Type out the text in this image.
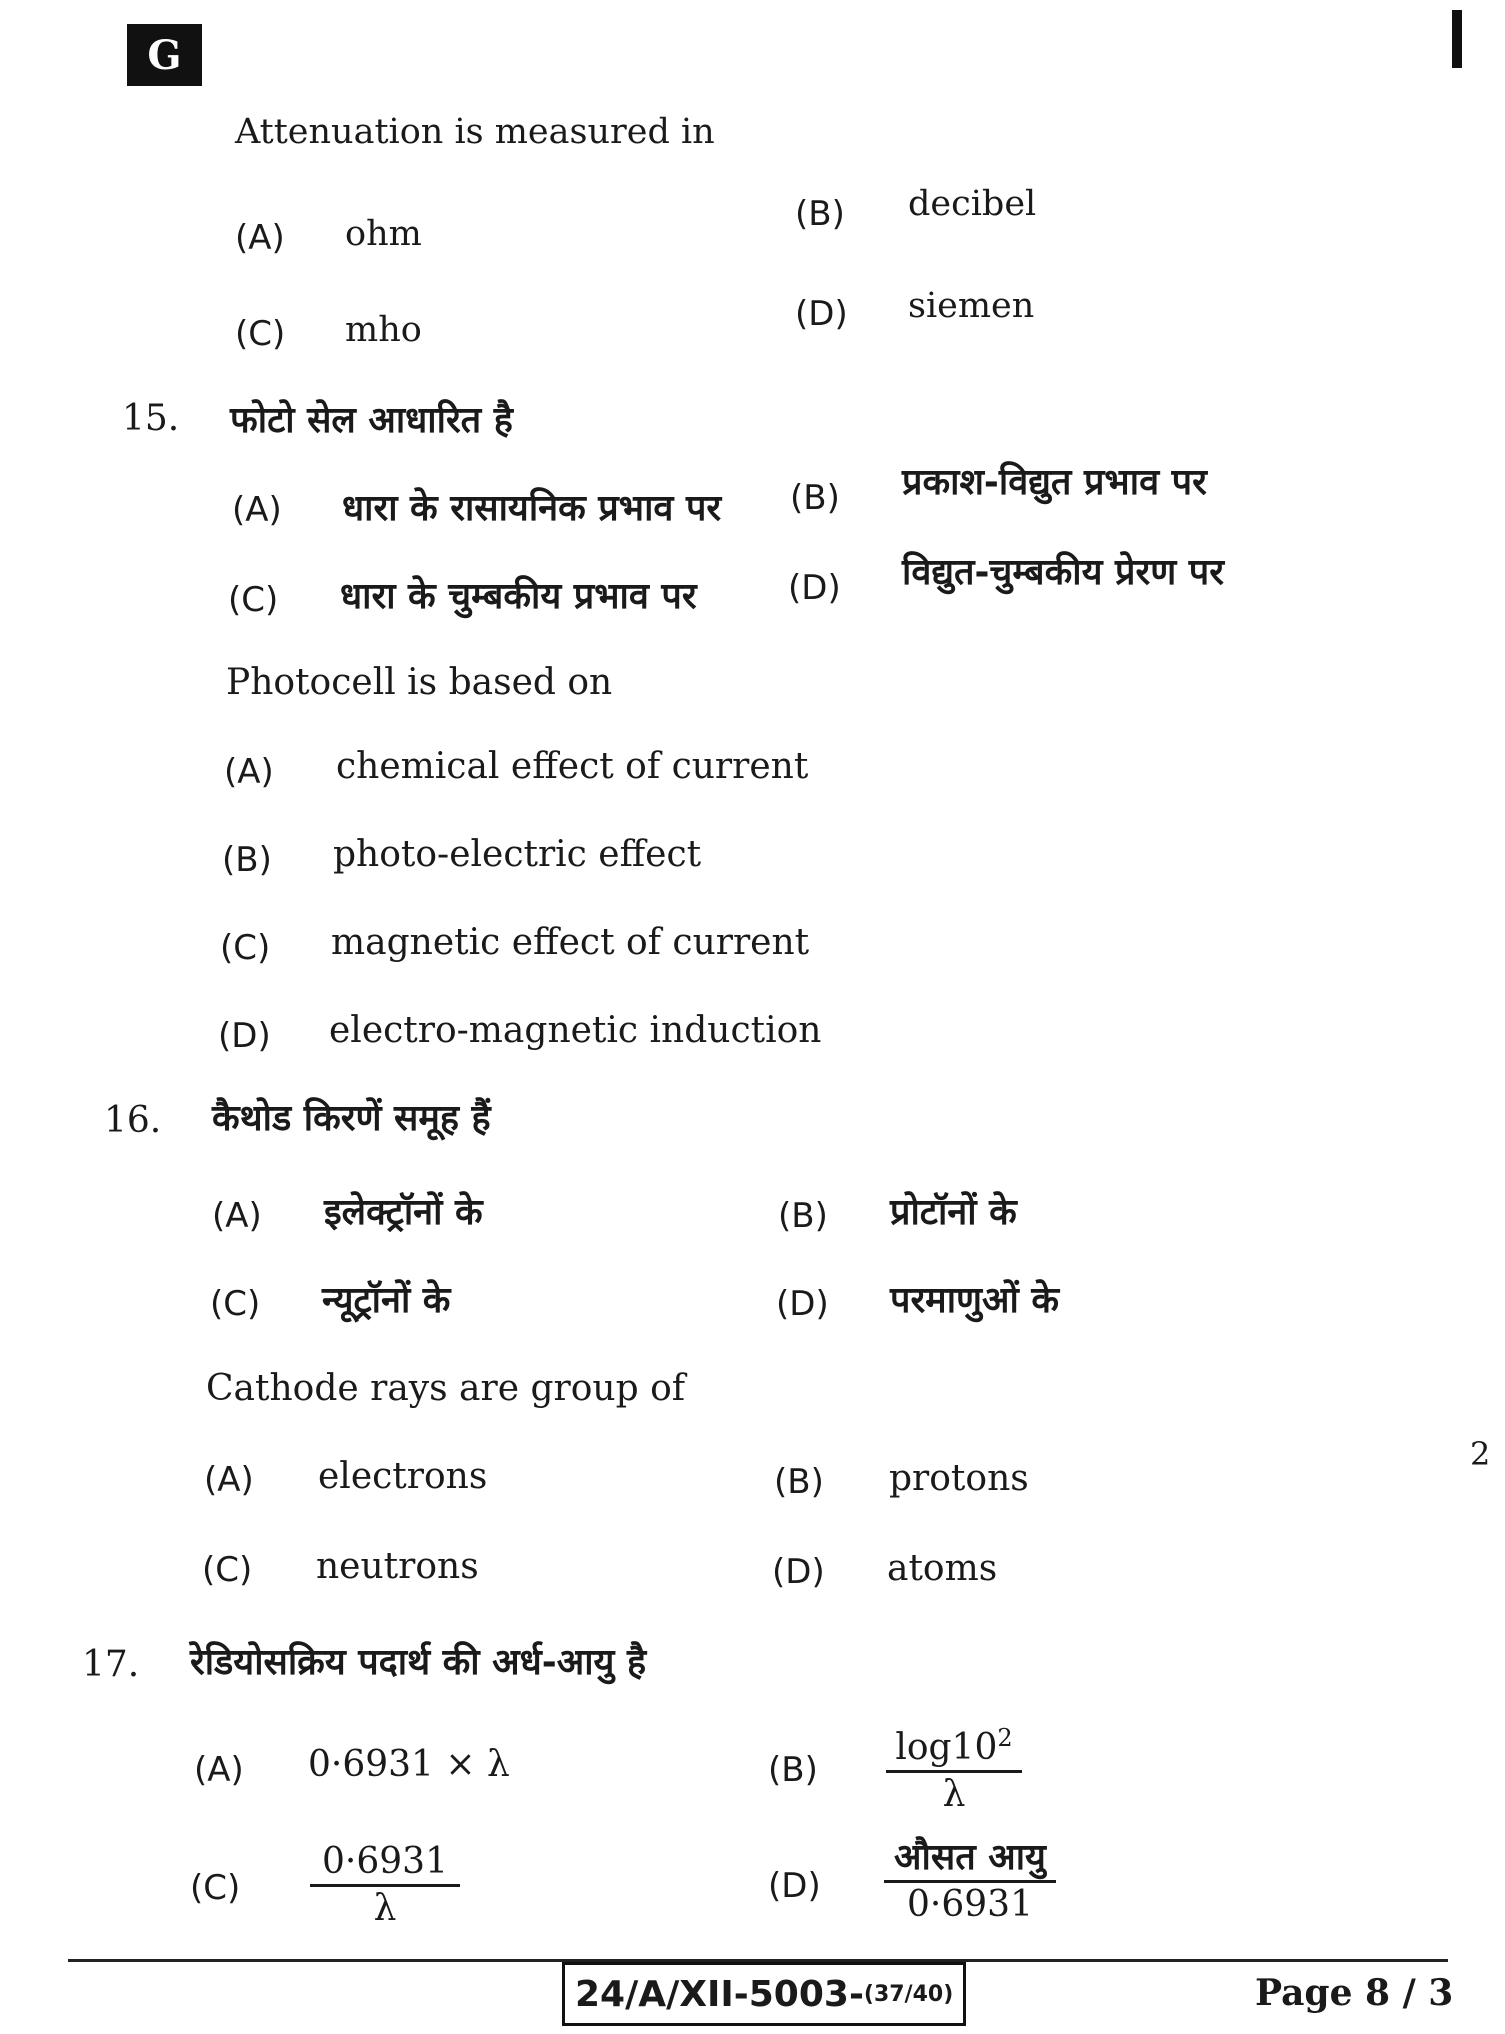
G
Attenuation is measured in
(A) ohm	(B) decibel
(C) mho	(D) siemen
15. फोटो सेल आधारित है
(A) धारा के रासायनिक प्रभाव पर (B) प्रकाश-विद्युत प्रभाव पर
(C) धारा के चुम्बकीय प्रभाव पर	(D) विद्युत-चुम्बकीय प्रेरण पर
Photocell is based on
(A) chemical effect of current
(B) photo-electric effect
(C) magnetic effect of current
(D) electro-magnetic induction
16. कैथोड किरणें समूह हैं
(A) इलेक्ट्रॉनों के	(B) प्रोटॉनों के
(C) न्यूट्रॉनों के	(D) परमाणुओं के
Cathode rays are group of
(A) electrons	(B) protons
(C) neutrons	(D) atoms
17. रेडियोसक्रिय पदार्थ की अर्ध-आयु है
(A) 0·6931 × λ	(B)
$\log 10^2$
λ
(C)
0·6931
λ
(D)
औसत आयु
0·6931
24/A/XII-5003- (37/40)	Page 8 / 3
2
